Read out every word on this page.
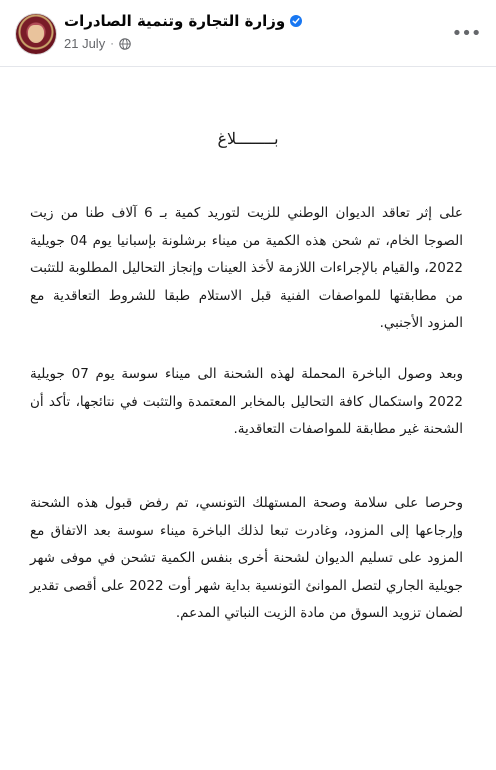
وزارة التجارة وتنمية الصادرات
21 July ·	•••
بــــــــلاغ
على إثر تعاقد الديوان الوطني للزيت لتوريد كمية بـ 6 آلاف طنا من زيت الصوجا الخام، تم شحن هذه الكمية من ميناء برشلونة بإسبانيا يوم 04 جويلية 2022، والقيام بالإجراءات اللازمة لأخذ العينات وإنجاز التحاليل المطلوبة للتثبت من مطابقتها للمواصفات الفنية قبل الاستلام طبقا للشروط التعاقدية مع المزود الأجنبي.
وبعد وصول الباخرة المحملة لهذه الشحنة الى ميناء سوسة يوم 07 جويلية 2022 واستكمال كافة التحاليل بالمخابر المعتمدة والتثبت في نتائجها، تأكد أن الشحنة غير مطابقة للمواصفات التعاقدية.
وحرصا على سلامة وصحة المستهلك التونسي، تم رفض قبول هذه الشحنة وإرجاعها إلى المزود، وغادرت تبعا لذلك الباخرة ميناء سوسة بعد الاتفاق مع المزود على تسليم الديوان لشحنة أخرى بنفس الكمية تشحن في موفى شهر جويلية الجاري لتصل الموانئ التونسية بداية شهر أوت 2022 على أقصى تقدير لضمان تزويد السوق من مادة الزيت النباتي المدعم.
